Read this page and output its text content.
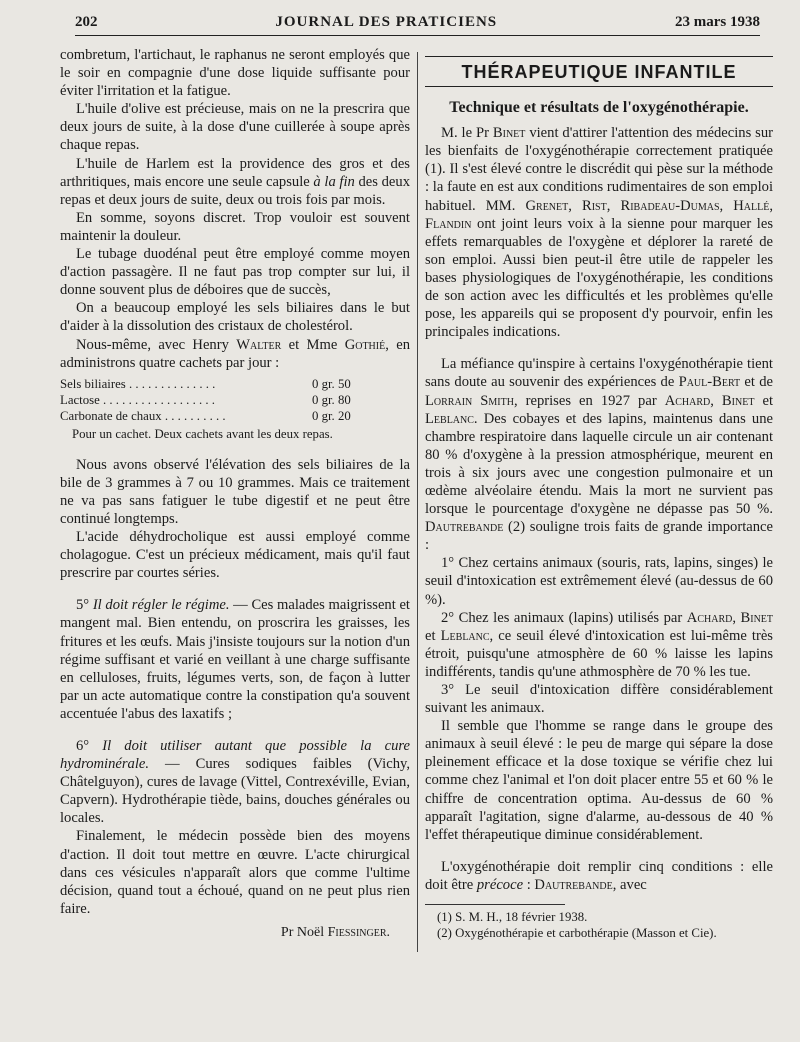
202	JOURNAL DES PRATICIENS	23 mars 1938

combretum, l'artichaut, le raphanus ne seront employés que le soir en compagnie d'une dose liquide suffisante pour éviter l'irritation et la fatigue.

L'huile d'olive est précieuse, mais on ne la prescrira que deux jours de suite, à la dose d'une cuillerée à soupe après chaque repas.

L'huile de Harlem est la providence des gros et des arthritiques, mais encore une seule capsule à la fin des deux repas et deux jours de suite, deux ou trois fois par mois.

En somme, soyons discret. Trop vouloir est souvent maintenir la douleur.

Le tubage duodénal peut être employé comme moyen d'action passagère. Il ne faut pas trop compter sur lui, il donne souvent plus de déboires que de succès,

On a beaucoup employé les sels biliaires dans le but d'aider à la dissolution des cristaux de cholestérol.

Nous-même, avec Henry Walter et Mme Gothié, en administrons quatre cachets par jour :

Sels biliaires . . . . . . . . . . . . . .	0 gr. 50
Lactose . . . . . . . . . . . . . . . . . .	0 gr. 80
Carbonate de chaux . . . . . . . . . .	0 gr. 20

Pour un cachet. Deux cachets avant les deux repas.

Nous avons observé l'élévation des sels biliaires de la bile de 3 grammes à 7 ou 10 grammes. Mais ce traitement ne va pas sans fatiguer le tube digestif et ne peut être continué longtemps.

L'acide déhydrocholique est aussi employé comme cholagogue. C'est un précieux médicament, mais qu'il faut prescrire par courtes séries.

5° Il doit régler le régime. — Ces malades maigrissent et mangent mal. Bien entendu, on proscrira les graisses, les fritures et les œufs. Mais j'insiste toujours sur la notion d'un régime suffisant et varié en veillant à une charge suffisante en celluloses, fruits, légumes verts, son, de façon à lutter par un acte automatique contre la constipation qu'a souvent accentuée l'abus des laxatifs ;

6° Il doit utiliser autant que possible la cure hydrominérale. — Cures sodiques faibles (Vichy, Châtelguyon), cures de lavage (Vittel, Contrexéville, Evian, Capvern). Hydrothérapie tiède, bains, douches générales ou locales.

Finalement, le médecin possède bien des moyens d'action. Il doit tout mettre en œuvre. L'acte chirurgical dans ces vésicules n'apparaît alors que comme l'ultime décision, quand tout a échoué, quand on ne peut plus rien faire.

Pr Noël Fiessinger.

THÉRAPEUTIQUE INFANTILE
Technique et résultats de l'oxygénothérapie.

M. le Pr Binet vient d'attirer l'attention des médecins sur les bienfaits de l'oxygénothérapie correctement pratiquée (1). Il s'est élevé contre le discrédit qui pèse sur la méthode : la faute en est aux conditions rudimentaires de son emploi habituel. MM. Grenet, Rist, Ribadeau-Dumas, Hallé, Flandin ont joint leurs voix à la sienne pour marquer les effets remarquables de l'oxygène et déplorer la rareté de son emploi. Aussi bien peut-il être utile de rappeler les bases physiologiques de l'oxygénothérapie, les conditions de son action avec les difficultés et les problèmes qu'elle pose, les appareils qui se proposent d'y pourvoir, enfin les principales indications.

La méfiance qu'inspire à certains l'oxygénothérapie tient sans doute au souvenir des expériences de Paul-Bert et de Lorrain Smith, reprises en 1927 par Achard, Binet et Leblanc. Des cobayes et des lapins, maintenus dans une chambre respiratoire dans laquelle circule un air contenant 80 % d'oxygène à la pression atmosphérique, meurent en trois à six jours avec une congestion pulmonaire et un œdème alvéolaire étendu. Mais la mort ne survient pas lorsque le pourcentage d'oxygène ne dépasse pas 50 %. Dautrebande (2) souligne trois faits de grande importance :

1° Chez certains animaux (souris, rats, lapins, singes) le seuil d'intoxication est extrêmement élevé (au-dessus de 60 %).

2° Chez les animaux (lapins) utilisés par Achard, Binet et Leblanc, ce seuil élevé d'intoxication est lui-même très étroit, puisqu'une atmosphère de 60 % laisse les lapins indifférents, tandis qu'une athmosphère de 70 % les tue.

3° Le seuil d'intoxication diffère considérablement suivant les animaux.

Il semble que l'homme se range dans le groupe des animaux à seuil élevé : le peu de marge qui sépare la dose pleinement efficace et la dose toxique se vérifie chez lui comme chez l'animal et l'on doit placer entre 55 et 60 % le chiffre de concentration optima. Au-dessus de 60 % apparaît l'agitation, signe d'alarme, au-dessous de 40 % l'effet thérapeutique diminue considérablement.

L'oxygénothérapie doit remplir cinq conditions : elle doit être précoce : Dautrebande, avec

(1) S. M. H., 18 février 1938.

(2) Oxygénothérapie et carbothérapie (Masson et Cie).
